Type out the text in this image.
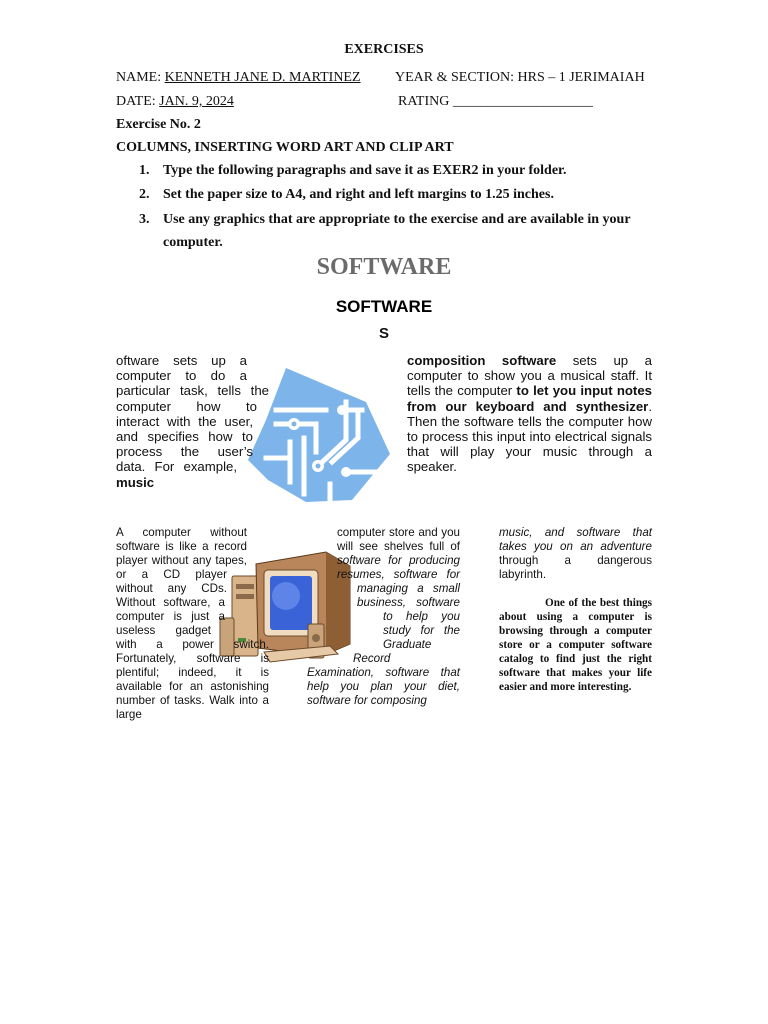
EXERCISES
NAME: KENNETH JANE D. MARTINEZ YEAR & SECTION: HRS – 1 JERIMAIAH
DATE: JAN. 9, 2024	RATING ____________________
Exercise No. 2
COLUMNS, INSERTING WORD ART AND CLIP ART
1. Type the following paragraphs and save it as EXER2 in your folder.
2. Set the paper size to A4, and right and left margins to 1.25 inches.
3. Use any graphics that are appropriate to the exercise and are available in your computer.
SOFTWARE
SOFTWARE
S
oftware sets up a computer to do a particular task, tells the computer how to interact with the user, and specifies how to process the user’s data. For example, music
composition software sets up a computer to show you a musical staff. It tells the computer to let you input notes from our keyboard and synthesizer. Then the software tells the computer how to process this input into electrical signals that will play your music through a speaker.
A computer without software is like a record player without any tapes, or a CD player without any CDs. Without software, a computer is just a useless gadget with a power switch. Fortunately, software is plentiful; indeed, it is available for an astonishing number of tasks. Walk into a large
computer store and you will see shelves full of software for producing resumes, software for managing a small business, software to help you study for the Graduate Record Examination, software that help you plan your diet, software for composing
music, and software that takes you on an adventure through a dangerous labyrinth.
One of the best things about using a computer is browsing through a computer store or a computer software catalog to find just the right software that makes your life easier and more interesting.
